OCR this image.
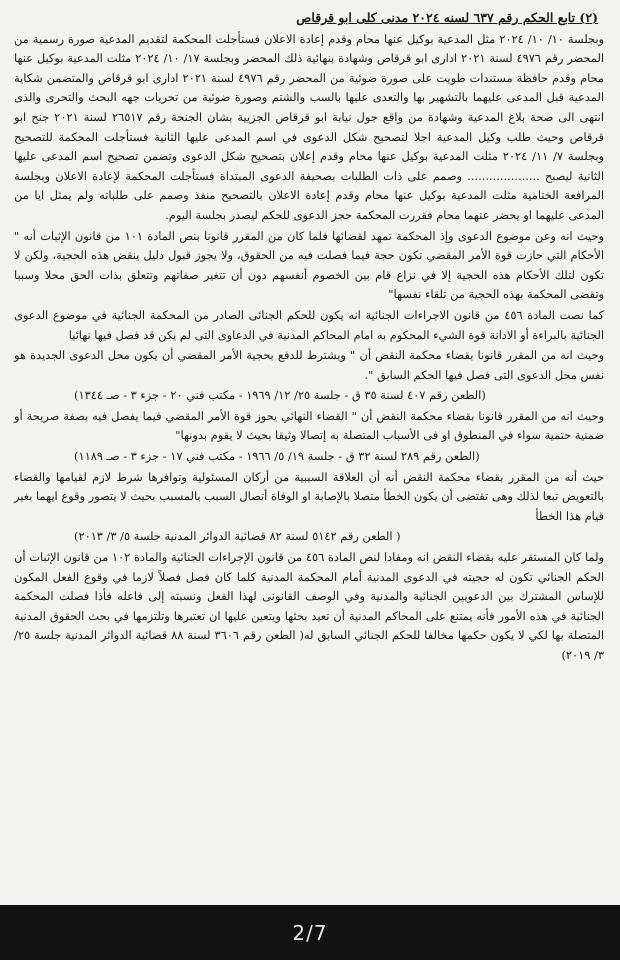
(٢) تابع الحكم رقم ٦٣٧ لسنه ٢٠٢٤ مدنى كلى ابو قرقاص

وبجلسة ١٠/ ١٠/ ٢٠٢٤ مثل المدعية بوكيل عنها محام وقدم إعادة الاعلان فستأجلت المحكمة لتقديم المدعية صورة رسمية من المحضر رقم ٤٩٧٦ لسنة ٢٠٢١ ادارى ابو قرقاص وشهادة بنهائية ذلك المحضر وبجلسة ١٧/ ١٠/ ٢٠٢٤ مثلت المدعية بوكيل عنها محام وقدم حافظة مستندات طويت على صورة ضوئية من المحضر رقم ٤٩٧٦ لسنة ٢٠٢١ ادارى ابو قرقاص والمتضمن شكاية المدعية قبل المدعى عليهما بالتشهير بها والتعدى عليها بالسب والشتم وصورة ضوئية من تحريات جهه البحث والتحرى والذى انتهى الى صحة بلاغ المدعية وشهادة من واقع جول نيابة ابو قرقاص الجزيية بشان الجنحة رقم ٢٦٥١٧ لسنة ٢٠٢١ جنح ابو قرقاص وحيث طلب وكيل المدعية اجلا لتصحيح شكل الدعوى في اسم المدعى عليها الثانية فستأجلت المحكمة للتصحيح وبجلسة ٧/ ١١/ ٢٠٢٤ مثلت المدعية بوكيل عنها محام وقدم إعلان بتصحيح شكل الدعوى وتضمن تصحيح اسم المدعى عليها الثانية ليصبح .................... وصمم على ذات الطلبات بصحيفة الدعوى المبتداة فستأجلت المحكمة لإعادة الاعلان وبجلسة المرافعة الختامية مثلت المدعية بوكيل عنها محام وقدم إعادة الاعلان بالتصحيح منفذ وصمم على طلباته ولم يمثل ايا من المدعى عليهما او يحضر عنهما محام فقررت المحكمة حجز الدعوى للحكم ليصدر بجلسة اليوم.

وحيث انه وعن موضوع الدعوى وإذ المحكمة تمهد لقضائها فلما كان من المقرر قانونا بنص المادة ١٠١ من قانون الإثبات أنه " الأحكام التي حازت قوة الأمر المقضي تكون حجة فيما فصلت فيه من الحقوق، ولا يجوز قبول دليل ينقض هذه الحجية، ولكن لا تكون لتلك الأحكام هذه الحجية إلا في نزاع قام بين الخصوم أنفسهم دون أن تتغير صفاتهم وتتعلق بذات الحق محلا وسببا وتقضى المحكمة بهذه الحجية من تلقاء نفسها"

كما نصت المادة ٤٥٦ من قانون الاجراءات الجنائية انه يكون للحكم الجنائى الصادر من المحكمة الجنائية في موضوع الدعوى الجنائية بالبراءة أو الادانة قوة الشيء المحكوم به امام المحاكم المدنية في الدعاوى التى لم يكن قد فصل فيها نهائيا

وحيث انه من المقرر قانونا بقضاء محكمة النقض أن " ويشترط للدفع بحجية الأمر المقضي أن يكون محل الدعوى الجديدة هو نفس محل الدعوى التى فصل فيها الحكم السابق ".

(الطعن رقم ٤٠٧ لسنة ٣٥ ق - جلسة ٢٥/ ١٢/ ١٩٦٩ - مكتب فني ٢٠ - جزء ٣ - صـ ١٣٤٤)

وحيث انه من المقرر قانونا بقضاء محكمة النقض أن " القضاء النهائي يحوز قوة الأمر المقضي فيما يفصل فيه بصفة صريحة أو ضمنية حتمية سواء في المنطوق او فى الأسباب المتصلة به إتصالا وثيقا بحيث لا يقوم بدونها"

(الطعن رقم ٢٨٩ لسنة ٣٢ ق - جلسة ١٩/ ٥/ ١٩٦٦ - مكتب فني ١٧ - جزء ٣ - صـ ١١٨٩)

حيث أنه من المقرر بقضاء محكمة النقض أنه أن العلاقة السببية من أركان المسئولية وتوافرها شرط لازم لقيامها والقضاء بالتعويض تبعا لذلك وهى تقتضى أن يكون الخطأ متصلا بالإصابة او الوفاة أتصال السبب بالمسبب بحيث لا يتصور وقوع ايهما بغير قيام هذا الخطأ

( الطعن رقم ٥١٤٢ لسنة ٨٢ قضائية الدوائر المدنية جلسة ٥/ ٣/ ٢٠١٣)

ولما كان المستقر عليه بقضاء النقض انه ومفادا لنص المادة ٤٥٦ من قانون الإجراءات الجنائية والمادة ١٠٢ من قانون الإثبات أن الحكم الجنائي تكون له حجيته في الدعوى المدنية أمام المحكمة المدنية كلما كان فصل فصلاً لازما في وقوع الفعل المكون للإساس المشترك بين الدعويين الجنائية والمدنية وفي الوصف القانونى لهذا الفعل ونسبته إلى فاعله فأذا فصلت المحكمة الجنائية في هذه الأمور فأنه يمتنع على المحاكم المدنية أن تعيد بحثها ويتعين عليها ان تعتبرها وتلتزمها في بحث الحقوق المدنية المتصلة بها لكي لا يكون حكمها مخالفا للحكم الجنائي السابق له( الطعن رقم ٣٦٠٦ لسنة ٨٨ قضائية الدوائر المدنية جلسة ٢٥/ ٣/ ٢٠١٩)

2/7
